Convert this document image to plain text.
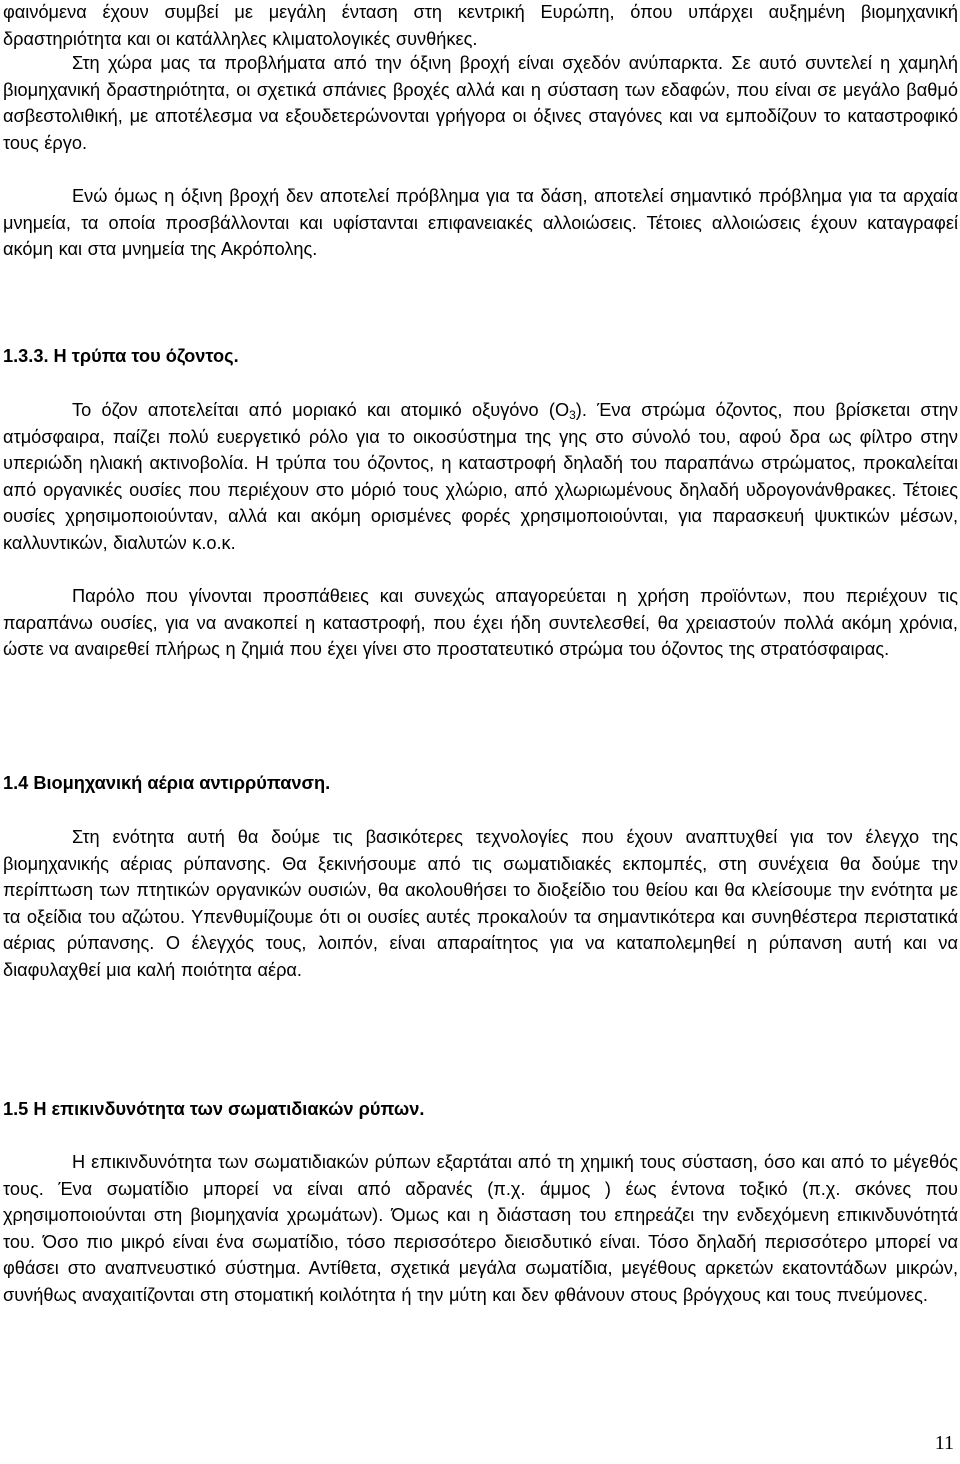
φαινόμενα έχουν συμβεί με μεγάλη ένταση στη κεντρική Ευρώπη, όπου υπάρχει αυξημένη βιομηχανική δραστηριότητα και οι κατάλληλες κλιματολογικές συνθήκες.

Στη χώρα μας τα προβλήματα από την όξινη βροχή είναι σχεδόν ανύπαρκτα. Σε αυτό συντελεί η χαμηλή βιομηχανική δραστηριότητα, οι σχετικά σπάνιες βροχές αλλά και η σύσταση των εδαφών, που είναι σε μεγάλο βαθμό ασβεστολιθική, με αποτέλεσμα να εξουδετερώνονται γρήγορα οι όξινες σταγόνες και να εμποδίζουν το καταστροφικό τους έργο.

Ενώ όμως η όξινη βροχή δεν αποτελεί πρόβλημα για τα δάση, αποτελεί σημαντικό πρόβλημα για τα αρχαία μνημεία, τα οποία προσβάλλονται και υφίστανται επιφανειακές αλλοιώσεις. Τέτοιες αλλοιώσεις έχουν καταγραφεί ακόμη και στα μνημεία της Ακρόπολης.

1.3.3. Η τρύπα του όζοντος.

Το όζον αποτελείται από μοριακό και ατομικό οξυγόνο $(O_3)$. Ένα στρώμα όζοντος, που βρίσκεται στην ατμόσφαιρα, παίζει πολύ ευεργετικό ρόλο για το οικοσύστημα της γης στο σύνολό του, αφού δρα ως φίλτρο στην υπεριώδη ηλιακή ακτινοβολία. Η τρύπα του όζοντος, η καταστροφή δηλαδή του παραπάνω στρώματος, προκαλείται από οργανικές ουσίες που περιέχουν στο μόριό τους χλώριο, από χλωριωμένους δηλαδή υδρογονάνθρακες. Τέτοιες ουσίες χρησιμοποιούνταν, αλλά και ακόμη ορισμένες φορές χρησιμοποιούνται, για παρασκευή ψυκτικών μέσων, καλλυντικών, διαλυτών κ.ο.κ.

Παρόλο που γίνονται προσπάθειες και συνεχώς απαγορεύεται η χρήση προϊόντων, που περιέχουν τις παραπάνω ουσίες, για να ανακοπεί η καταστροφή, που έχει ήδη συντελεσθεί, θα χρειαστούν πολλά ακόμη χρόνια, ώστε να αναιρεθεί πλήρως η ζημιά που έχει γίνει στο προστατευτικό στρώμα του όζοντος της στρατόσφαιρας.

1.4 Βιομηχανική αέρια αντιρρύπανση.

Στη ενότητα αυτή θα δούμε τις βασικότερες τεχνολογίες που έχουν αναπτυχθεί για τον έλεγχο της βιομηχανικής αέριας ρύπανσης. Θα ξεκινήσουμε από τις σωματιδιακές εκπομπές, στη συνέχεια θα δούμε την περίπτωση των πτητικών οργανικών ουσιών, θα ακολουθήσει το διοξείδιο του θείου και θα κλείσουμε την ενότητα με τα οξείδια του αζώτου. Υπενθυμίζουμε ότι οι ουσίες αυτές προκαλούν τα σημαντικότερα και συνηθέστερα περιστατικά αέριας ρύπανσης. Ο έλεγχός τους, λοιπόν, είναι απαραίτητος για να καταπολεμηθεί η ρύπανση αυτή και να διαφυλαχθεί μια καλή ποιότητα αέρα.

1.5 Η επικινδυνότητα των σωματιδιακών ρύπων.

Η επικινδυνότητα των σωματιδιακών ρύπων εξαρτάται από τη χημική τους σύσταση, όσο και από το μέγεθός τους. Ένα σωματίδιο μπορεί να είναι από αδρανές (π.χ. άμμος ) έως έντονα τοξικό (π.χ. σκόνες που χρησιμοποιούνται στη βιομηχανία χρωμάτων). Όμως και η διάσταση του επηρεάζει την ενδεχόμενη επικινδυνότητά του. Όσο πιο μικρό είναι ένα σωματίδιο, τόσο περισσότερο διεισδυτικό είναι. Τόσο δηλαδή περισσότερο μπορεί να φθάσει στο αναπνευστικό σύστημα. Αντίθετα, σχετικά μεγάλα σωματίδια, μεγέθους αρκετών εκατοντάδων μικρών, συνήθως αναχαιτίζονται στη στοματική κοιλότητα ή την μύτη και δεν φθάνουν στους βρόγχους και τους πνεύμονες.

11
